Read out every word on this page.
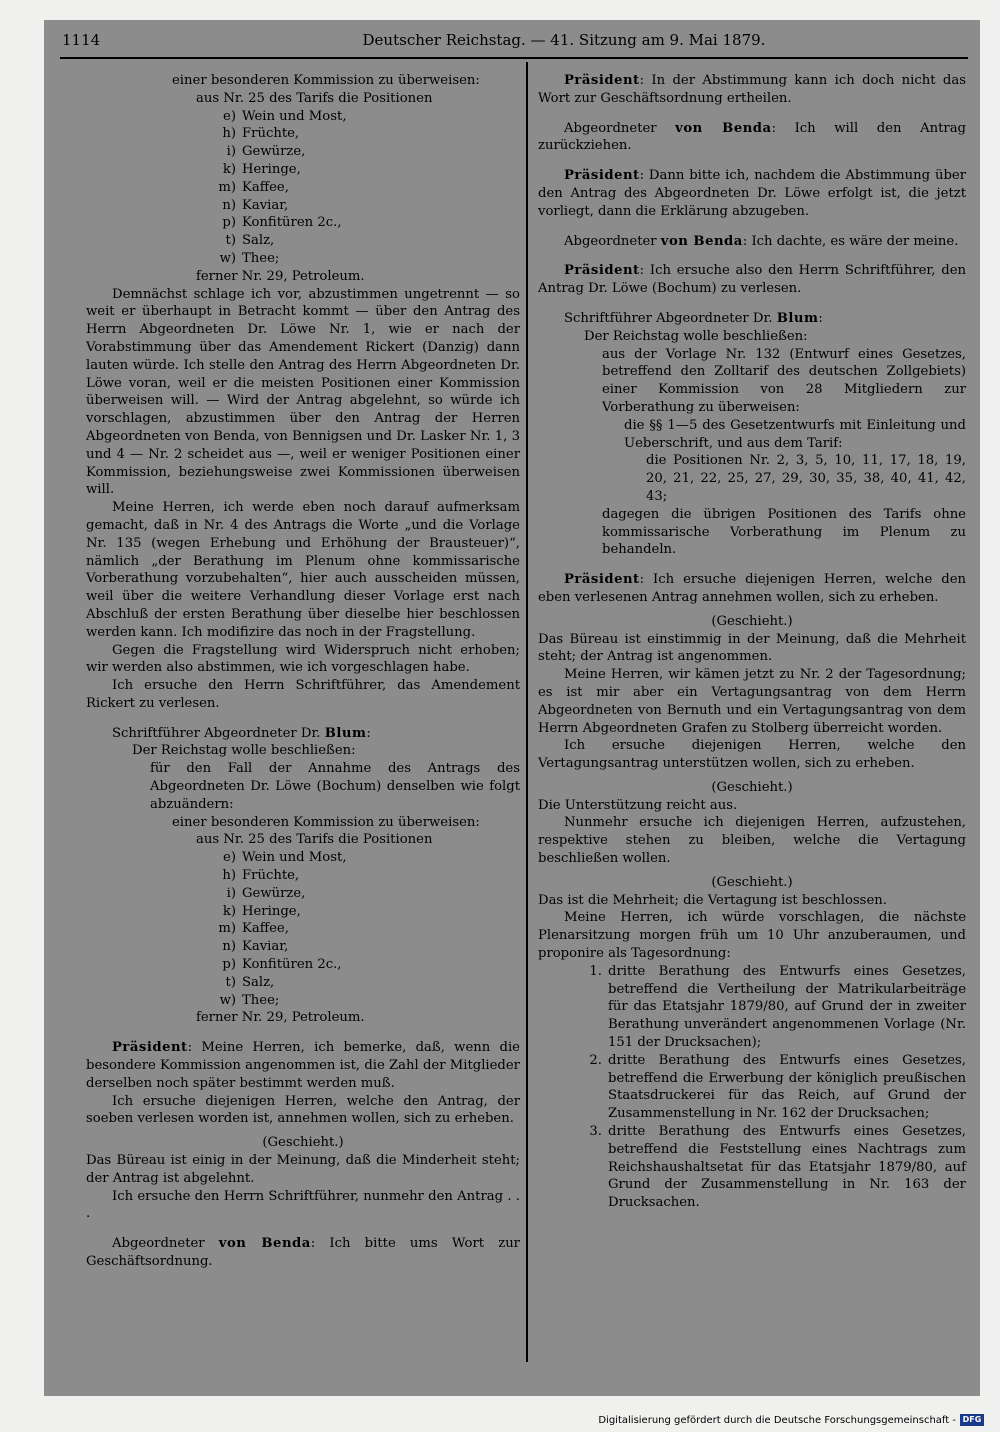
1114	Deutscher Reichstag. — 41. Sitzung am 9. Mai 1879.

einer besonderen Kommission zu überweisen:

aus Nr. 25 des Tarifs die Positionen

e) Wein und Most,
h) Früchte,
i) Gewürze,
k) Heringe,
m) Kaffee,
n) Kaviar,
p) Konfitüren 2c.,
t) Salz,
w) Thee;

ferner Nr. 29, Petroleum.

Demnächst schlage ich vor, abzustimmen ungetrennt — so weit er überhaupt in Betracht kommt — über den Antrag des Herrn Abgeordneten Dr. Löwe Nr. 1, wie er nach der Vorabstimmung über das Amendement Rickert (Danzig) dann lauten würde. Ich stelle den Antrag des Herrn Abgeordneten Dr. Löwe voran, weil er die meisten Positionen einer Kommission überweisen will. — Wird der Antrag abgelehnt, so würde ich vorschlagen, abzustimmen über den Antrag der Herren Abgeordneten von Benda, von Bennigsen und Dr. Lasker Nr. 1, 3 und 4 — Nr. 2 scheidet aus —, weil er weniger Positionen einer Kommission, beziehungsweise zwei Kommissionen überweisen will.

Meine Herren, ich werde eben noch darauf aufmerksam gemacht, daß in Nr. 4 des Antrags die Worte „und die Vorlage Nr. 135 (wegen Erhebung und Erhöhung der Brausteuer)“, nämlich „der Berathung im Plenum ohne kommissarische Vorberathung vorzubehalten“, hier auch ausscheiden müssen, weil über die weitere Verhandlung dieser Vorlage erst nach Abschluß der ersten Berathung über dieselbe hier beschlossen werden kann. Ich modifizire das noch in der Fragstellung.

Gegen die Fragstellung wird Widerspruch nicht erhoben; wir werden also abstimmen, wie ich vorgeschlagen habe.

Ich ersuche den Herrn Schriftführer, das Amendement Rickert zu verlesen.

Schriftführer Abgeordneter Dr. Blum:

Der Reichstag wolle beschließen:

für den Fall der Annahme des Antrags des Abgeordneten Dr. Löwe (Bochum) denselben wie folgt abzuändern:

einer besonderen Kommission zu überweisen:

aus Nr. 25 des Tarifs die Positionen

e) Wein und Most,
h) Früchte,
i) Gewürze,
k) Heringe,
m) Kaffee,
n) Kaviar,
p) Konfitüren 2c.,
t) Salz,
w) Thee;

ferner Nr. 29, Petroleum.

Präsident: Meine Herren, ich bemerke, daß, wenn die besondere Kommission angenommen ist, die Zahl der Mitglieder derselben noch später bestimmt werden muß.

Ich ersuche diejenigen Herren, welche den Antrag, der soeben verlesen worden ist, annehmen wollen, sich zu erheben.

(Geschieht.)

Das Büreau ist einig in der Meinung, daß die Minderheit steht; der Antrag ist abgelehnt.

Ich ersuche den Herrn Schriftführer, nunmehr den Antrag . . .

Abgeordneter von Benda: Ich bitte ums Wort zur Geschäftsordnung.

Präsident: In der Abstimmung kann ich doch nicht das Wort zur Geschäftsordnung ertheilen.

Abgeordneter von Benda: Ich will den Antrag zurückziehen.

Präsident: Dann bitte ich, nachdem die Abstimmung über den Antrag des Abgeordneten Dr. Löwe erfolgt ist, die jetzt vorliegt, dann die Erklärung abzugeben.

Abgeordneter von Benda: Ich dachte, es wäre der meine.

Präsident: Ich ersuche also den Herrn Schriftführer, den Antrag Dr. Löwe (Bochum) zu verlesen.

Schriftführer Abgeordneter Dr. Blum:

Der Reichstag wolle beschließen:

aus der Vorlage Nr. 132 (Entwurf eines Gesetzes, betreffend den Zolltarif des deutschen Zollgebiets) einer Kommission von 28 Mitgliedern zur Vorberathung zu überweisen:

die §§ 1—5 des Gesetzentwurfs mit Einleitung und Ueberschrift, und aus dem Tarif:

die Positionen Nr. 2, 3, 5, 10, 11, 17, 18, 19, 20, 21, 22, 25, 27, 29, 30, 35, 38, 40, 41, 42, 43;

dagegen die übrigen Positionen des Tarifs ohne kommissarische Vorberathung im Plenum zu behandeln.

Präsident: Ich ersuche diejenigen Herren, welche den eben verlesenen Antrag annehmen wollen, sich zu erheben.

(Geschieht.)

Das Büreau ist einstimmig in der Meinung, daß die Mehrheit steht; der Antrag ist angenommen.

Meine Herren, wir kämen jetzt zu Nr. 2 der Tagesordnung; es ist mir aber ein Vertagungsantrag von dem Herrn Abgeordneten von Bernuth und ein Vertagungsantrag von dem Herrn Abgeordneten Grafen zu Stolberg überreicht worden.

Ich ersuche diejenigen Herren, welche den Vertagungsantrag unterstützen wollen, sich zu erheben.

(Geschieht.)

Die Unterstützung reicht aus.

Nunmehr ersuche ich diejenigen Herren, aufzustehen, respektive stehen zu bleiben, welche die Vertagung beschließen wollen.

(Geschieht.)

Das ist die Mehrheit; die Vertagung ist beschlossen.

Meine Herren, ich würde vorschlagen, die nächste Plenarsitzung morgen früh um 10 Uhr anzuberaumen, und proponire als Tagesordnung:

1. dritte Berathung des Entwurfs eines Gesetzes, betreffend die Vertheilung der Matrikularbeiträge für das Etatsjahr 1879/80, auf Grund der in zweiter Berathung unverändert angenommenen Vorlage (Nr. 151 der Drucksachen);
2. dritte Berathung des Entwurfs eines Gesetzes, betreffend die Erwerbung der königlich preußischen Staatsdruckerei für das Reich, auf Grund der Zusammenstellung in Nr. 162 der Drucksachen;
3. dritte Berathung des Entwurfs eines Gesetzes, betreffend die Feststellung eines Nachtrags zum Reichshaushaltsetat für das Etatsjahr 1879/80, auf Grund der Zusammenstellung in Nr. 163 der Drucksachen.
Digitalisierung gefördert durch die Deutsche Forschungsgemeinschaft - DFG
